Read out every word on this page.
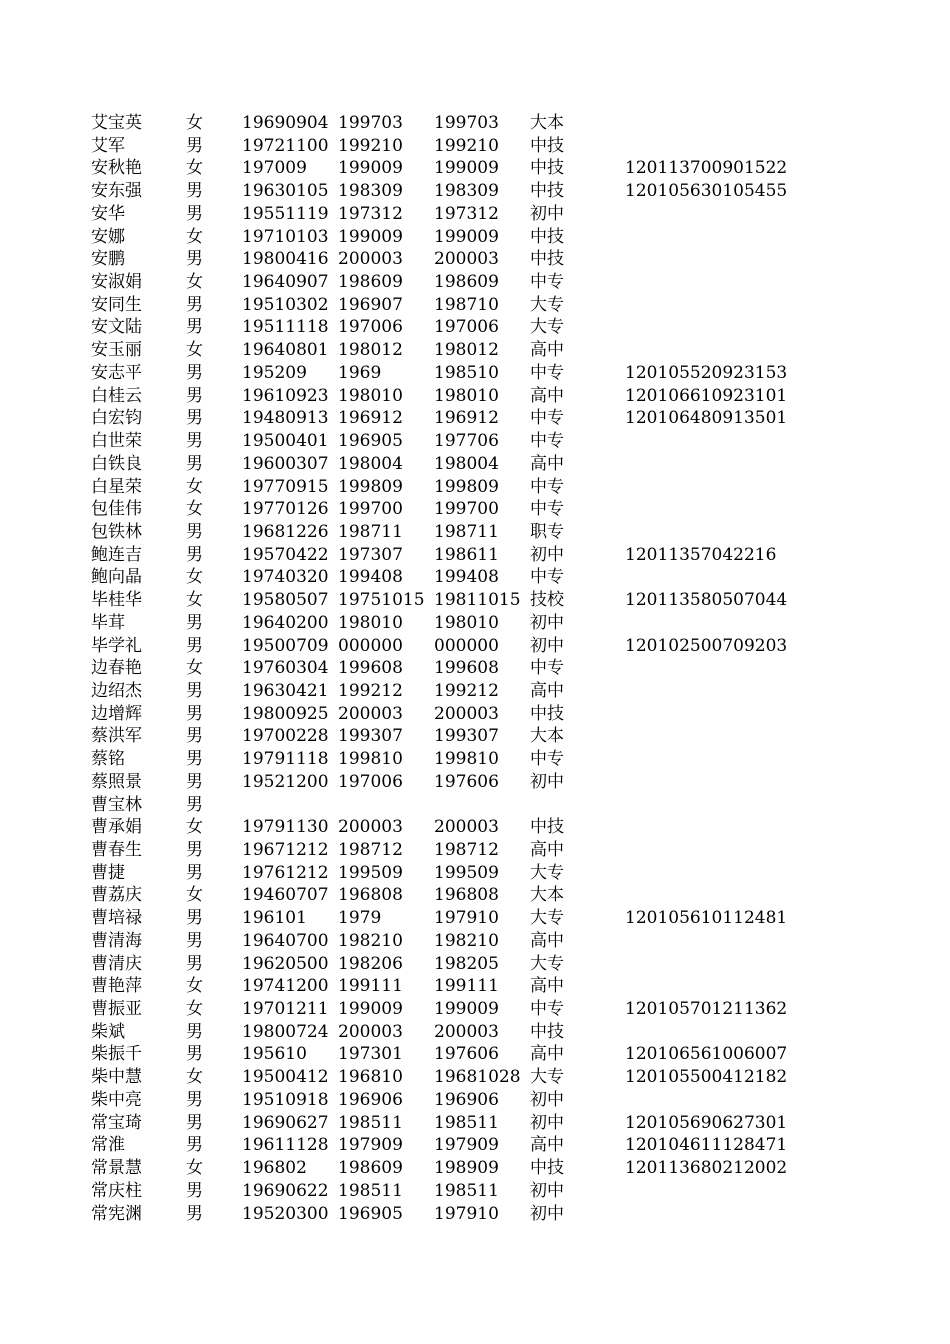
艾宝英	女 19690904 199703 199703 大本
艾军	男 19721100 199210 199210 中技
安秋艳	女 197009 199009 199009 中技	120113700901522
安东强	男 19630105 198309 198309 中技	120105630105455
安华	男 19551119 197312 197312 初中
安娜	女 19710103 199009 199009 中技
安鹏	男 19800416 200003 200003 中技
安淑娟	女 19640907 198609 198609 中专
安同生	男 19510302 196907 198710 大专
安文陆	男 19511118 197006 197006 大专
安玉丽	女 19640801 198012 198012 高中
安志平	男 195209 1969	198510 中专	120105520923153
白桂云	男 19610923 198010 198010 高中	120106610923101
白宏钧	男 19480913 196912 196912 中专	120106480913501
白世荣	男 19500401 196905 197706 中专
白铁良	男 19600307 198004 198004 高中
白星荣	女 19770915 199809 199809 中专
包佳伟	女 19770126 199700 199700 中专
包铁林	男 19681226 198711 198711 职专
鲍连吉	男 19570422 197307 198611 初中	12011357042216
鲍向晶	女 19740320 199408 199408 中专
毕桂华	女 19580507 19751015 19811015 技校	120113580507044
毕茸	男 19640200 198010 198010 初中
毕学礼	男 19500709 000000 000000 初中	120102500709203
边春艳	女 19760304 199608 199608 中专
边绍杰	男 19630421 199212 199212 高中
边增辉	男 19800925 200003 200003 中技
蔡洪军	男 19700228 199307 199307 大本
蔡铭	男 19791118 199810 199810 中专
蔡照景	男 19521200 197006 197606 初中
曹宝林	男
曹承娟	女 19791130 200003 200003 中技
曹春生	男 19671212 198712 198712 高中
曹捷	男 19761212 199509 199509 大专
曹荔庆	女 19460707 196808 196808 大本
曹培禄	男 196101 1979	197910 大专	120105610112481
曹清海	男 19640700 198210 198210 高中
曹清庆	男 19620500 198206 198205 大专
曹艳萍	女 19741200 199111 199111 高中
曹振亚	女 19701211 199009 199009 中专	120105701211362
柴斌	男 19800724 200003 200003 中技
柴振千	男 195610 197301 197606 高中	120106561006007
柴中慧	女 19500412 196810 19681028 大专	120105500412182
柴中亮	男 19510918 196906 196906 初中
常宝琦	男 19690627 198511 198511 初中	120105690627301
常淮	男 19611128 197909 197909 高中	120104611128471
常景慧	女 196802 198609 198909 中技	120113680212002
常庆柱	男 19690622 198511 198511 初中
常宪渊	男 19520300 196905 197910 初中
